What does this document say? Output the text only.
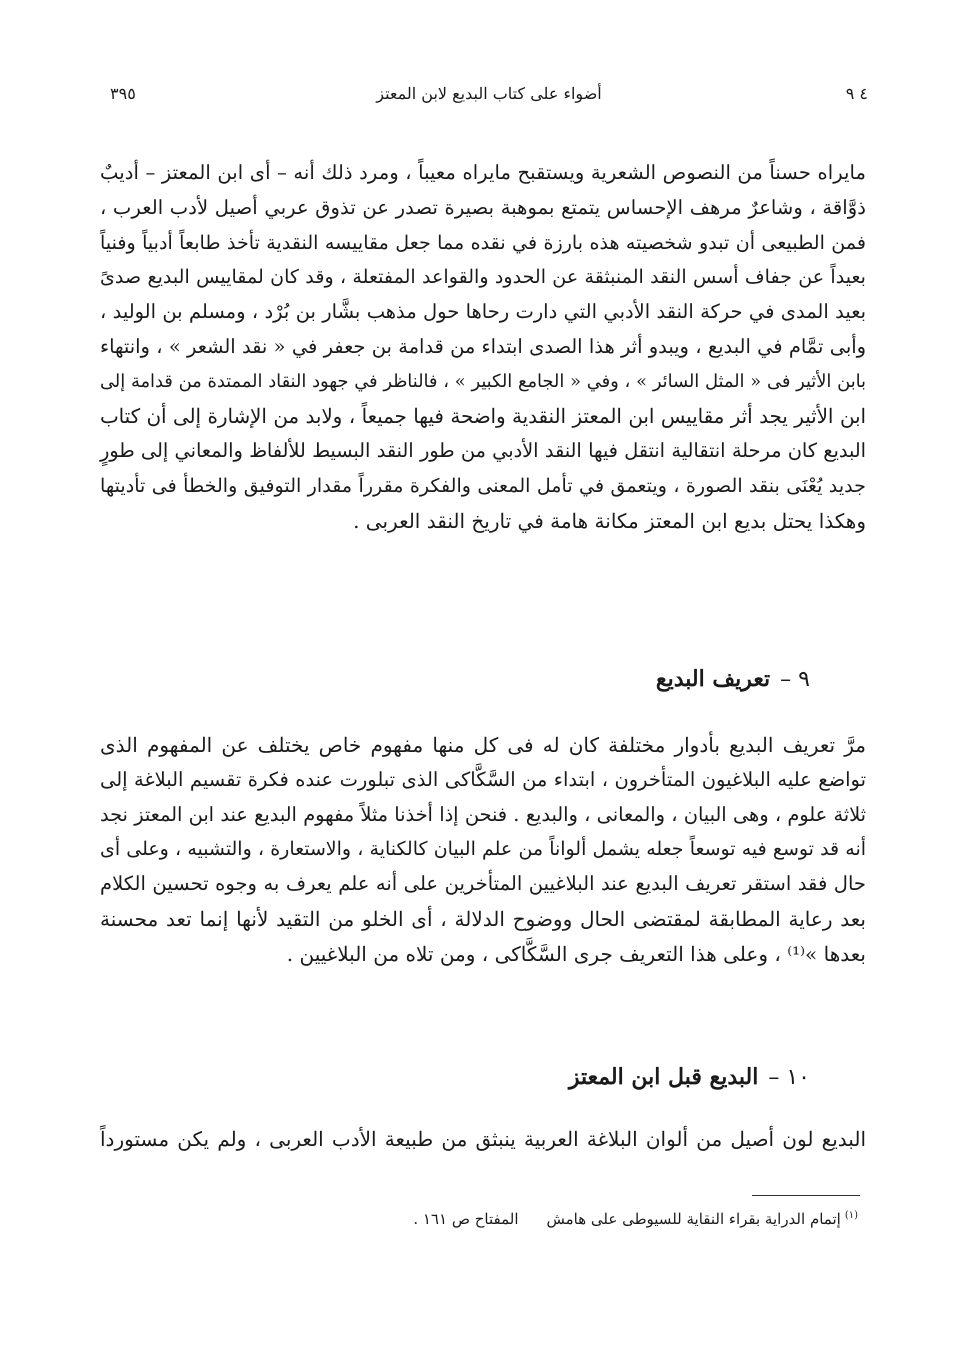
٤ ٩
أضواء على كتاب البديع لابن المعتز
٣٩٥
مايراه حسناً من النصوص الشعرية ويستقبح مايراه معيباً ، ومرد ذلك أنه – أى ابن المعتز – أديبٌ
ذوَّاقة ، وشاعرٌ مرهف الإحساس يتمتع بموهبة بصيرة تصدر عن تذوق عربي أصيل لأدب العرب ،
فمن الطبيعى أن تبدو شخصيته هذه بارزة في نقده مما جعل مقاييسه النقدية تأخذ طابعاً أدبياً وفنياً
بعيداً عن جفاف أسس النقد المنبثقة عن الحدود والقواعد المفتعلة ، وقد كان لمقاييس البديع صدىً
بعيد المدى في حركة النقد الأدبي التي دارت رحاها حول مذهب بشَّار بن بُرْد ، ومسلم بن الوليد ،
وأبى تمَّام في البديع ، ويبدو أثر هذا الصدى ابتداء من قدامة بن جعفر في « نقد الشعر » ، وانتهاء
بابن الأثير فى « المثل السائر » ، وفي « الجامع الكبير » ، فالناظر في جهود النقاد الممتدة من قدامة إلى
ابن الأثير يجد أثر مقاييس ابن المعتز النقدية واضحة فيها جميعاً ، ولابد من الإشارة إلى أن كتاب
البديع كان مرحلة انتقالية انتقل فيها النقد الأدبي من طور النقد البسيط للألفاظ والمعاني إلى طورٍ
جديد يُعْنَى بنقد الصورة ، ويتعمق في تأمل المعنى والفكرة مقرراً مقدار التوفيق والخطأ فى تأديتها
وهكذا يحتل بديع ابن المعتز مكانة هامة في تاريخ النقد العربى .
٩ –تعريف البديع
مرَّ تعريف البديع بأدوار مختلفة كان له فى كل منها مفهوم خاص يختلف عن المفهوم الذى
تواضع عليه البلاغيون المتأخرون ، ابتداء من السَّكَّاكى الذى تبلورت عنده فكرة تقسيم البلاغة إلى
ثلاثة علوم ، وهى البيان ، والمعانى ، والبديع . فنحن إذا أخذنا مثلاً مفهوم البديع عند ابن المعتز نجد
أنه قد توسع فيه توسعاً جعله يشمل ألواناً من علم البيان كالكناية ، والاستعارة ، والتشبيه ، وعلى أى
حال فقد استقر تعريف البديع عند البلاغيين المتأخرين على أنه علم يعرف به وجوه تحسين الكلام
بعد رعاية المطابقة لمقتضى الحال ووضوح الدلالة ، أى الخلو من التقيد لأنها إنما تعد محسنة
بعدها »⁽¹⁾ ، وعلى هذا التعريف جرى السَّكَّاكى ، ومن تلاه من البلاغيين .
١٠ –البديع قبل ابن المعتز
البديع لون أصيل من ألوان البلاغة العربية ينبثق من طبيعة الأدب العربى ، ولم يكن مستورداً
$^{(١)}$إتمام الدراية بقراء النقاية للسيوطى على هامشالمفتاح ص ١٦١ .
